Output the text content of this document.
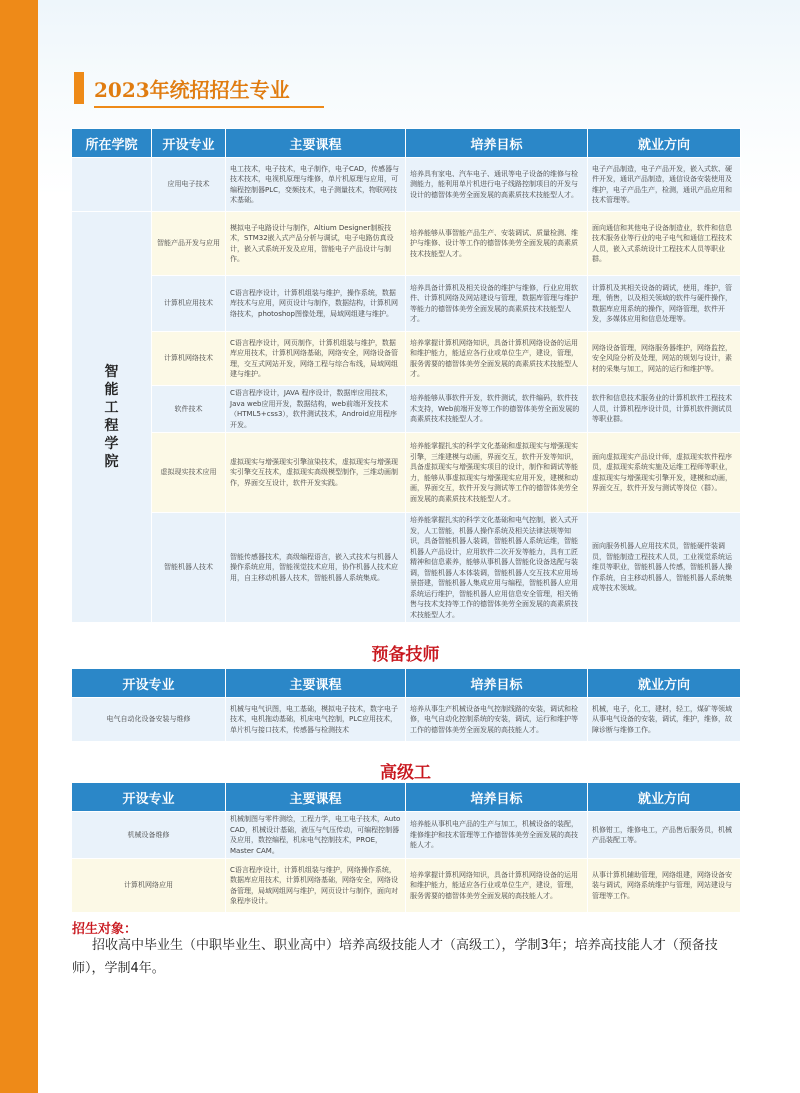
2023年统招招生专业
所在学院	开设专业	主要课程	培养目标	就业方向
	应用电子技术	电工技术，电子技术，电子制作，电子CAD，传感器与技术技术，电视机原理与维修，单片机原理与应用，可编程控制器PLC，变频技术，电子测量技术，物联网技术基础。	培养具有家电、汽车电子、通讯等电子设备的维修与检测能力，能利用单片机进行电子线路控制项目的开发与设计的德智体美劳全面发展的高素质技术技能型人才。	电子产品制造，电子产品开发，嵌入式软、硬件开发，通讯产品制造，通信设备安装使用及维护，电子产品生产，检测，通讯产品应用和技术管理等。

智能工程学院	智能产品开发与应用	模拟电子电路设计与制作，Altium Designer制板技术，STM32嵌入式产品分析与调试，电子电路仿真设计，嵌入式系统开发及应用，智能电子产品设计与制作。	培养能够从事智能产品生产、安装调试、质量检测、维护与维修、设计等工作的德智体美劳全面发展的高素质技术技能型人才。	面向通信和其他电子设备制造业，软件和信息技术服务业等行业的电子电气和通信工程技术人员，嵌入式系统设计工程技术人员等职业群。
	计算机应用技术	C语言程序设计，计算机组装与维护，操作系统，数据库技术与应用，网页设计与制作，数据结构，计算机网络技术，photoshop图像处理，局域网组建与维护。	培养具备计算机及相关设备的维护与维修，行业应用软件、计算机网络及网站建设与管理，数据库管理与维护等能力的德智体美劳全面发展的高素质技术技能型人才。	计算机及其相关设备的调试，使用，维护，管理，销售，以及相关领域的软件与硬件操作，数据库应用系统的操作，网络管理，软件开发，多媒体应用和信息处理等。
	计算机网络技术	C语言程序设计，网页制作，计算机组装与维护，数据库应用技术，计算机网络基础，网络安全，网络设备管理，交互式网站开发，网络工程与综合布线，局域网组建与维护。	培养掌握计算机网络知识，具备计算机网络设备的运用和维护能力，能适应各行业或单位生产，建设，管理，服务需要的德智体美劳全面发展的高素质技术技能型人才。	网络设备管理，网络服务器维护，网络监控，安全风险分析及处理，网站的规划与设计，素材的采集与加工，网站的运行和维护等。
	软件技术	C语言程序设计，JAVA 程序设计，数据库应用技术，Java web应用开发，数据结构，web前端开发技术（HTML5+css3），软件测试技术，Android应用程序开发。	培养能够从事软件开发，软件测试，软件编码，软件技术支持，Web前端开发等工作的德智体美劳全面发展的高素质技术技能型人才。	软件和信息技术服务业的计算机软件工程技术人员，计算机程序设计员，计算机软件测试员等职业群。
	虚拟现实技术应用	虚拟现实与增强现实引擎渲染技术，虚拟现实与增强现实引擎交互技术，虚拟现实高级模型制作，三维动画制作，界面交互设计，软件开发实践。	培养能掌握扎实的科学文化基础和虚拟现实与增强现实引擎，三维建模与动画，界面交互，软件开发等知识，具备虚拟现实与增强现实项目的设计，制作和调试等能力，能够从事虚拟现实与增强现实应用开发，建模和动画，界面交互，软件开发与测试等工作的德智体美劳全面发展的高素质技术技能型人才。	面向虚拟现实产品设计师，虚拟现实软件程序员，虚拟现实系统实施及运维工程师等职业，虚拟现实与增强现实引擎开发，建模和动画，界面交互，软件开发与测试等岗位（群）。
	智能机器人技术	智能传感器技术，高级编程语言，嵌入式技术与机器人操作系统应用，智能视觉技术应用，协作机器人技术应用，自主移动机器人技术，智能机器人系统集成。	培养能掌握扎实的科学文化基础和电气控制，嵌入式开发，人工智能，机器人操作系统及相关法律法规等知识，具备智能机器人装调，智能机器人系统运维，智能机器人产品设计，应用软件二次开发等能力，具有工匠精神和信息素养，能够从事机器人智能化设备选配与装调，智能机器人本体装调，智能机器人交互技术应用场景搭建，智能机器人集成应用与编程，智能机器人应用系统运行维护，智能机器人应用信息安全管理，相关销售与技术支持等工作的德智体美劳全面发展的高素质技术技能型人才。	面向服务机器人应用技术员，智能硬件装调员，智能制造工程技术人员，工业视觉系统运维员等职业，智能机器人传感，智能机器人操作系统，自主移动机器人，智能机器人系统集成等技术领域。
预备技师
开设专业	主要课程	培养目标	就业方向
电气自动化设备安装与维修	机械与电气识图，电工基础，模拟电子技术，数字电子技术，电机拖动基础，机床电气控制，PLC应用技术，单片机与接口技术，传感器与检测技术	培养从事生产机械设备电气控制线路的安装，调试和检修，电气自动化控制系统的安装，调试，运行和维护等工作的德智体美劳全面发展的高技能人才。	机械，电子，化工，建材，轻工，煤矿等领域从事电气设备的安装，调试，维护，维修，故障诊断与维修工作。
高级工
开设专业	主要课程	培养目标	就业方向
机械设备维修	机械制图与零件测绘，工程力学，电工电子技术，Auto CAD，机械设计基础，液压与气压传动，可编程控制器及应用，数控编程，机床电气控制技术，PROE，Master CAM。	培养能从事机电产品的生产与加工，机械设备的装配，维修维护和技术管理等工作德智体美劳全面发展的高技能人才。	机修钳工，维修电工，产品售后服务员，机械产品装配工等。
计算机网络应用	C语言程序设计，计算机组装与维护，网络操作系统，数据库应用技术，计算机网络基础，网络安全，网络设备管理，局域网组网与维护，网页设计与制作，面向对象程序设计。	培养掌握计算机网络知识，具备计算机网络设备的运用和维护能力，能适应各行业或单位生产，建设，管理，服务需要的德智体美劳全面发展的高技能人才。	从事计算机辅助管理，网络组建，网络设备安装与调试，网络系统维护与管理，网站建设与管理等工作。
招生对象：
招收高中毕业生（中职毕业生、职业高中）培养高级技能人才（高级工），学制3年；培养高技能人才（预备技师），学制4年。
